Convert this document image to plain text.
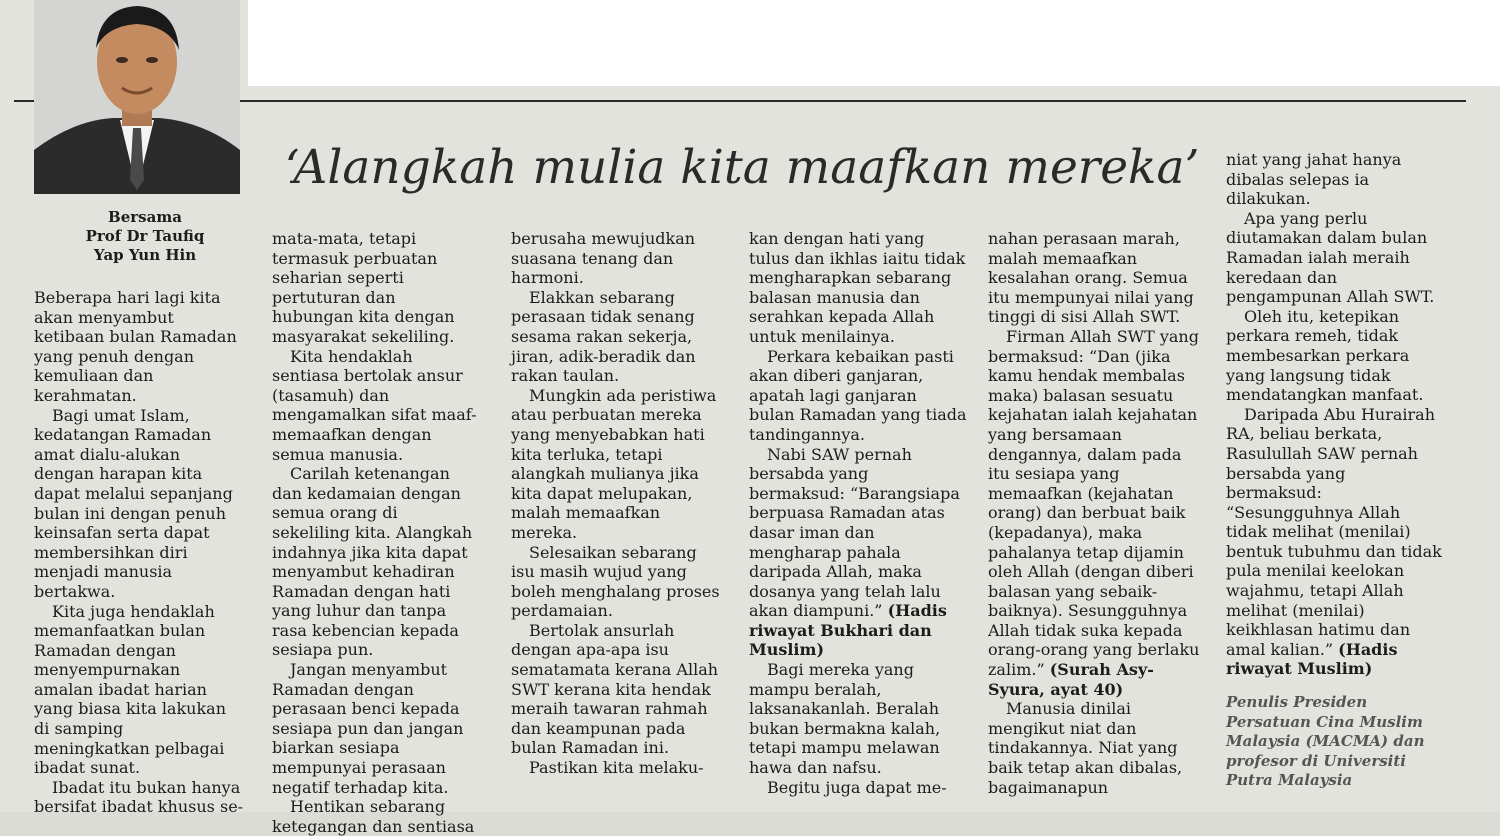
Bersama
Prof Dr Taufiq
Yap Yun Hin
‘Alangkah mulia kita maafkan mereka’

Beberapa hari lagi kita akan menyambut ketibaan bulan Ramadan yang penuh dengan kemuliaan dan kerahmatan.

Bagi umat Islam, kedatangan Ramadan amat dialu-alukan dengan harapan kita dapat melalui sepanjang bulan ini dengan penuh keinsafan serta dapat membersihkan diri menjadi manusia bertakwa.

Kita juga hendaklah memanfaatkan bulan Ramadan dengan menyempurnakan amalan ibadat harian yang biasa kita lakukan di samping meningkatkan pelbagai ibadat sunat.

Ibadat itu bukan hanya bersifat ibadat khusus se-

mata-mata, tetapi termasuk perbuatan seharian seperti pertuturan dan hubungan kita dengan masyarakat sekeliling.

Kita hendaklah sentiasa bertolak ansur (tasamuh) dan mengamalkan sifat maaf-memaafkan dengan semua manusia.

Carilah ketenangan dan kedamaian dengan semua orang di sekeliling kita. Alangkah indahnya jika kita dapat menyambut kehadiran Ramadan dengan hati yang luhur dan tanpa rasa kebencian kepada sesiapa pun.

Jangan menyambut Ramadan dengan perasaan benci kepada sesiapa pun dan jangan biarkan sesiapa mempunyai perasaan negatif terhadap kita.

Hentikan sebarang ketegangan dan sentiasa

berusaha mewujudkan suasana tenang dan harmoni.

Elakkan sebarang perasaan tidak senang sesama rakan sekerja, jiran, adik-beradik dan rakan taulan.

Mungkin ada peristiwa atau perbuatan mereka yang menyebabkan hati kita terluka, tetapi alangkah mulianya jika kita dapat melupakan, malah memaafkan mereka.

Selesaikan sebarang isu masih wujud yang boleh menghalang proses perdamaian.

Bertolak ansurlah dengan apa-apa isu sematamata kerana Allah SWT kerana kita hendak meraih tawaran rahmah dan keampunan pada bulan Ramadan ini.

Pastikan kita melaku-

kan dengan hati yang tulus dan ikhlas iaitu tidak mengharapkan sebarang balasan manusia dan serahkan kepada Allah untuk menilainya.

Perkara kebaikan pasti akan diberi ganjaran, apatah lagi ganjaran bulan Ramadan yang tiada tandingannya.

Nabi SAW pernah bersabda yang bermaksud: “Barangsiapa berpuasa Ramadan atas dasar iman dan mengharap pahala daripada Allah, maka dosanya yang telah lalu akan diampuni.” (Hadis riwayat Bukhari dan Muslim)

Bagi mereka yang mampu beralah, laksanakanlah. Beralah bukan bermakna kalah, tetapi mampu melawan hawa dan nafsu.

Begitu juga dapat me-

nahan perasaan marah, malah memaafkan kesalahan orang. Semua itu mempunyai nilai yang tinggi di sisi Allah SWT.

Firman Allah SWT yang bermaksud: “Dan (jika kamu hendak membalas maka) balasan sesuatu kejahatan ialah kejahatan yang bersamaan dengannya, dalam pada itu sesiapa yang memaafkan (kejahatan orang) dan berbuat baik (kepadanya), maka pahalanya tetap dijamin oleh Allah (dengan diberi balasan yang sebaik-baiknya). Sesungguhnya Allah tidak suka kepada orang-orang yang berlaku zalim.” (Surah Asy-Syura, ayat 40)

Manusia dinilai mengikut niat dan tindakannya. Niat yang baik tetap akan dibalas, bagaimanapun

niat yang jahat hanya dibalas selepas ia dilakukan.

Apa yang perlu diutamakan dalam bulan Ramadan ialah meraih keredaan dan pengampunan Allah SWT.

Oleh itu, ketepikan perkara remeh, tidak membesarkan perkara yang langsung tidak mendatangkan manfaat.

Daripada Abu Hurairah RA, beliau berkata, Rasulullah SAW pernah bersabda yang bermaksud: “Sesungguhnya Allah tidak melihat (menilai) bentuk tubuhmu dan tidak pula menilai keelokan wajahmu, tetapi Allah melihat (menilai) keikhlasan hatimu dan amal kalian.” (Hadis riwayat Muslim)

Penulis Presiden Persatuan Cina Muslim Malaysia (MACMA) dan profesor di Universiti Putra Malaysia
